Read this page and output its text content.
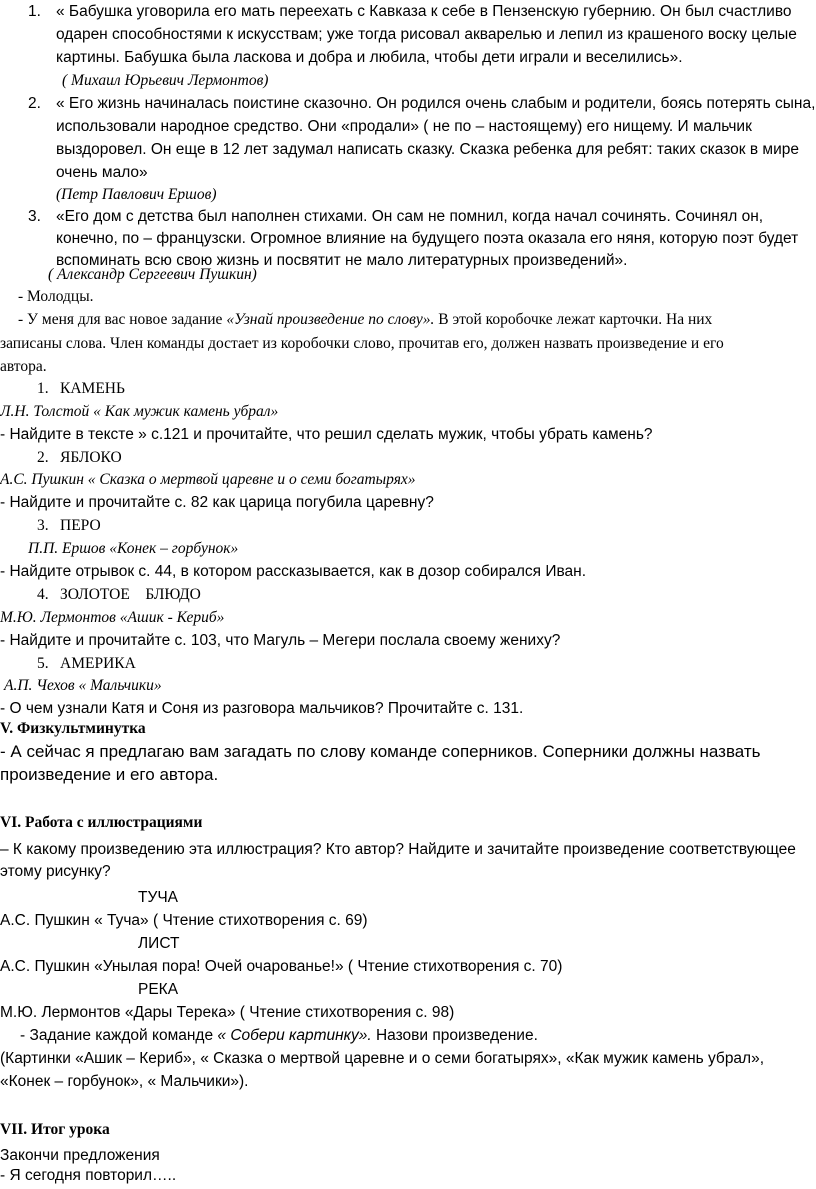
1. « Бабушка уговорила его мать переехать с Кавказа к себе в Пензенскую губернию. Он был счастливо
одарен способностями к искусствам; уже тогда рисовал акварелью и лепил из крашеного воску целые
картины. Бабушка была ласкова и добра и любила, чтобы дети играли и веселились».
( Михаил Юрьевич Лермонтов)
2. « Его жизнь начиналась поистине сказочно. Он родился очень слабым и родители, боясь потерять сына,
использовали народное средство. Они «продали» ( не по – настоящему) его нищему. И мальчик
выздоровел. Он еще в 12 лет задумал написать сказку. Сказка ребенка для ребят: таких сказок в мире
очень мало»
(Петр Павлович Ершов)
3. «Его дом с детства был наполнен стихами. Он сам не помнил, когда начал сочинять. Сочинял он,
конечно, по – французски. Огромное влияние на будущего поэта оказала его няня, которую поэт будет
вспоминать всю свою жизнь и посвятит не мало литературных произведений».
( Александр Сергеевич Пушкин)
- Молодцы.
- У меня для вас новое задание «Узнай произведение по слову». В этой коробочке лежат карточки. На них
записаны слова. Член команды достает из коробочки слово, прочитав его, должен назвать произведение и его
автора.
1. КАМЕНЬ
Л.Н. Толстой « Как мужик камень убрал»
- Найдите в тексте » с.121 и прочитайте, что решил сделать мужик, чтобы убрать камень?
2. ЯБЛОКО
А.С. Пушкин « Сказка о мертвой царевне и о семи богатырях»
- Найдите и прочитайте с. 82 как царица погубила царевну?
3. ПЕРО
П.П. Ершов «Конек – горбунок»
- Найдите отрывок с. 44, в котором рассказывается, как в дозор собирался Иван.
4. ЗОЛОТОЕ    БЛЮДО
М.Ю. Лермонтов «Ашик - Кериб»
- Найдите и прочитайте с. 103, что Магуль – Мегери послала своему жениху?
5. АМЕРИКА
А.П. Чехов « Мальчики»
- О чем узнали Катя и Соня из разговора мальчиков? Прочитайте с. 131.
V. Физкультминутка
- А сейчас я предлагаю вам загадать по слову команде соперников. Соперники должны назвать
произведение и его автора.
VI. Работа с иллюстрациями
– К какому произведению эта иллюстрация? Кто автор? Найдите и зачитайте произведение соответствующее
этому рисунку?
ТУЧА
А.С. Пушкин « Туча» ( Чтение стихотворения с. 69)
ЛИСТ
А.С. Пушкин «Унылая пора! Очей очарованье!» ( Чтение стихотворения с. 70)
РЕКА
М.Ю. Лермонтов «Дары Терека» ( Чтение стихотворения с. 98)
- Задание каждой команде « Собери картинку». Назови произведение.
(Картинки «Ашик – Кериб», « Сказка о мертвой царевне и о семи богатырях», «Как мужик камень убрал»,
«Конек – горбунок», « Мальчики»).
VII. Итог урока
Закончи предложения
- Я сегодня повторил…..
